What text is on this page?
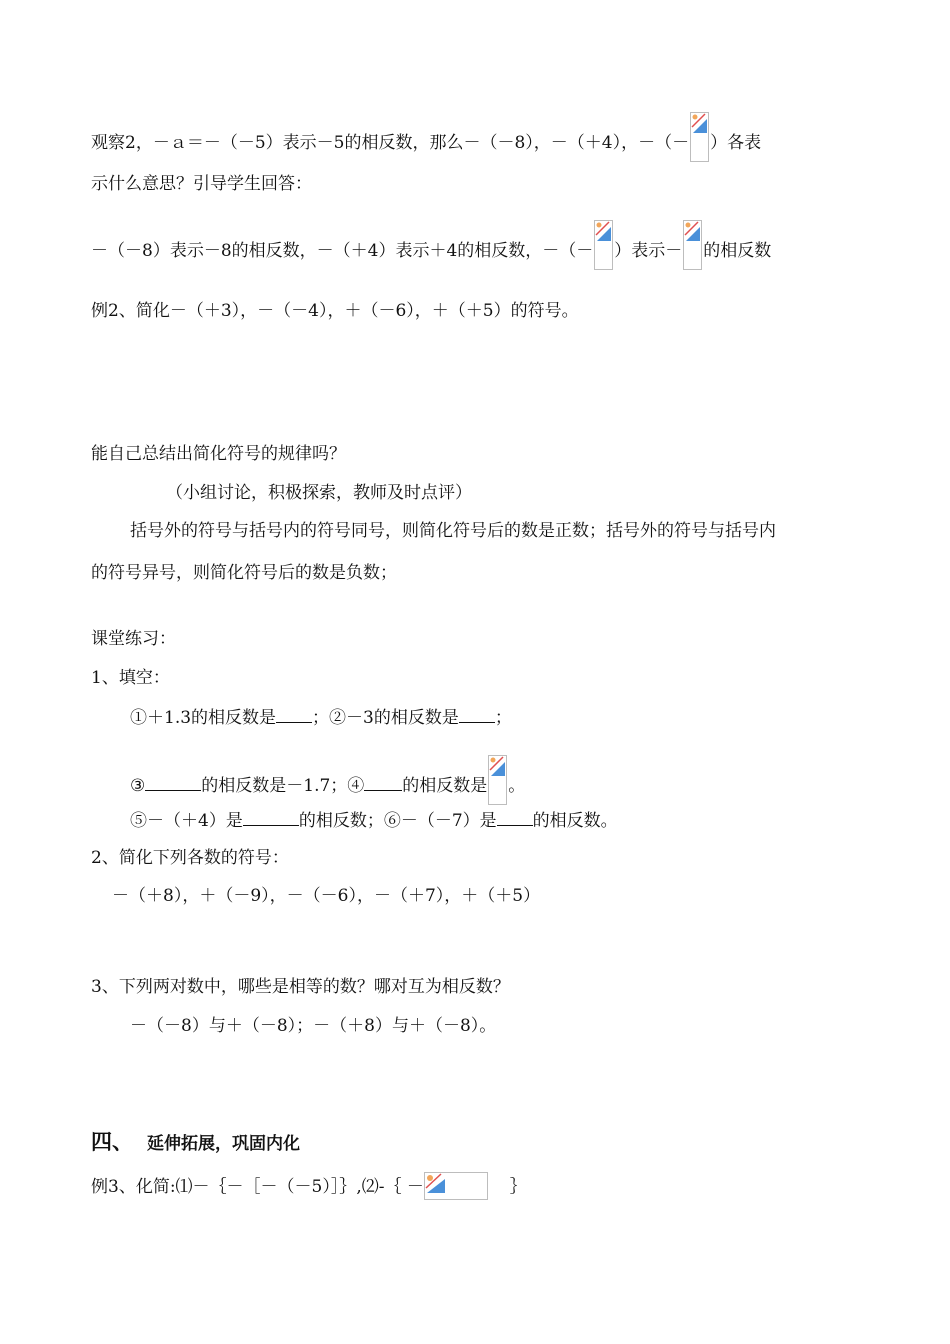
观察2，－ａ＝－（－5）表示－5的相反数，那么－（－8），－（＋4），－（－ ）各表
示什么意思？引导学生回答：
－（－8）表示－8的相反数，－（＋4）表示＋4的相反数，－（－ ）表示－ 的相反数
例2、简化－（＋3），－（－4），＋（－6），＋（＋5）的符号。
能自己总结出简化符号的规律吗？
（小组讨论，积极探索，教师及时点评）
括号外的符号与括号内的符号同号，则简化符号后的数是正数；括号外的符号与括号内
的符号异号，则简化符号后的数是负数；
课堂练习：
1、填空：
①＋1.3的相反数是 ；②－3的相反数是 ；
③	的相反数是－1.7；④ 的相反数是 。
⑤－（＋4）是	的相反数；⑥－（－7）是 的相反数。
2、简化下列各数的符号：
－（＋8），＋（－9），－（－6），－（＋7），＋（＋5）
3、下列两对数中，哪些是相等的数？哪对互为相反数？
－（－8）与＋（－8）；－（＋8）与＋（－8）。
四、 延伸拓展，巩固内化
例3、化简:⑴－｛－［－（－5）］｝,⑵-｛ －	｝
